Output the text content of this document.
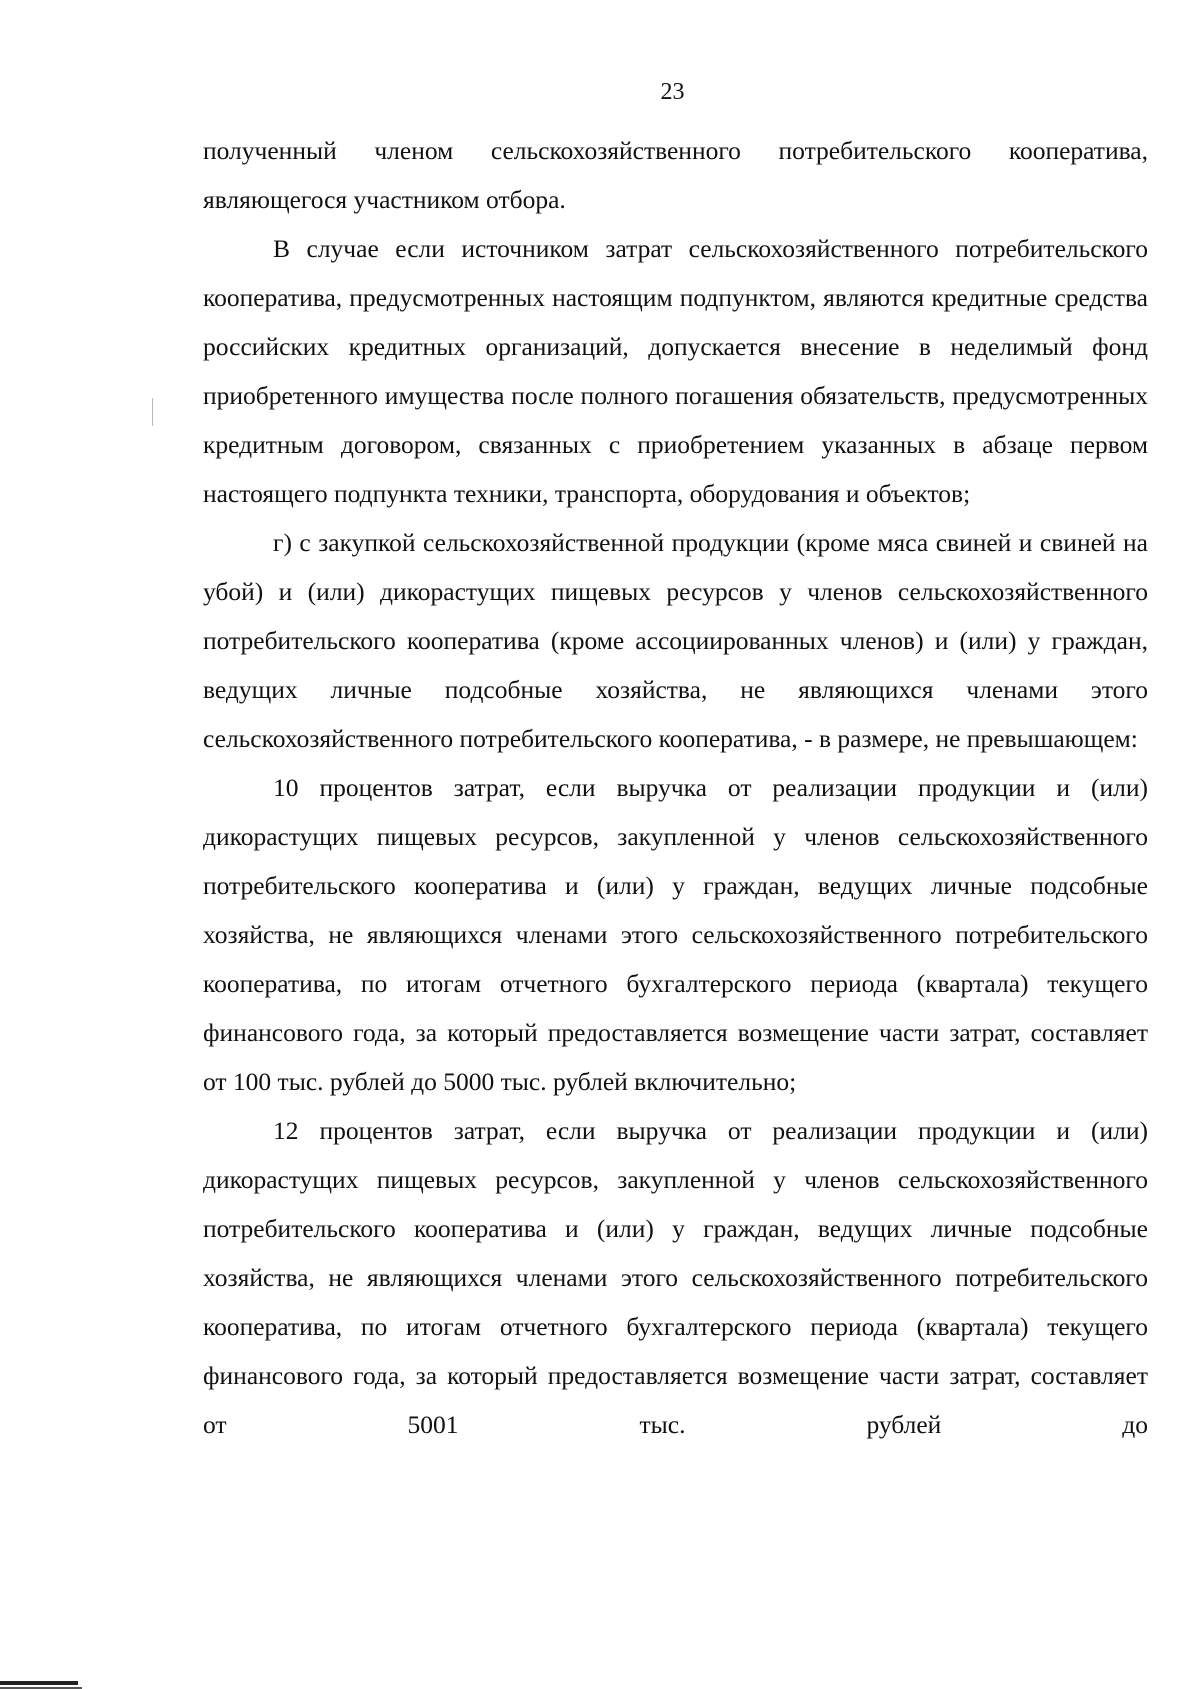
23

полученный членом сельскохозяйственного потребительского кооператива, являющегося участником отбора.

В случае если источником затрат сельскохозяйственного потребительского кооператива, предусмотренных настоящим подпунктом, являются кредитные средства российских кредитных организаций, допускается внесение в неделимый фонд приобретенного имущества после полного погашения обязательств, предусмотренных кредитным договором, связанных с приобретением указанных в абзаце первом настоящего подпункта техники, транспорта, оборудования и объектов;

г) с закупкой сельскохозяйственной продукции (кроме мяса свиней и свиней на убой) и (или) дикорастущих пищевых ресурсов у членов сельскохозяйственного потребительского кооператива (кроме ассоциированных членов) и (или) у граждан, ведущих личные подсобные хозяйства, не являющихся членами этого сельскохозяйственного потребительского кооператива, - в размере, не превышающем:

10 процентов затрат, если выручка от реализации продукции и (или) дикорастущих пищевых ресурсов, закупленной у членов сельскохозяйственного потребительского кооператива и (или) у граждан, ведущих личные подсобные хозяйства, не являющихся членами этого сельскохозяйственного потребительского кооператива, по итогам отчетного бухгалтерского периода (квартала) текущего финансового года, за который предоставляется возмещение части затрат, составляет от 100 тыс. рублей до 5000 тыс. рублей включительно;

12 процентов затрат, если выручка от реализации продукции и (или) дикорастущих пищевых ресурсов, закупленной у членов сельскохозяйственного потребительского кооператива и (или) у граждан, ведущих личные подсобные хозяйства, не являющихся членами этого сельскохозяйственного потребительского кооператива, по итогам отчетного бухгалтерского периода (квартала) текущего финансового года, за который предоставляется возмещение части затрат, составляет от 5001 тыс. рублей до
